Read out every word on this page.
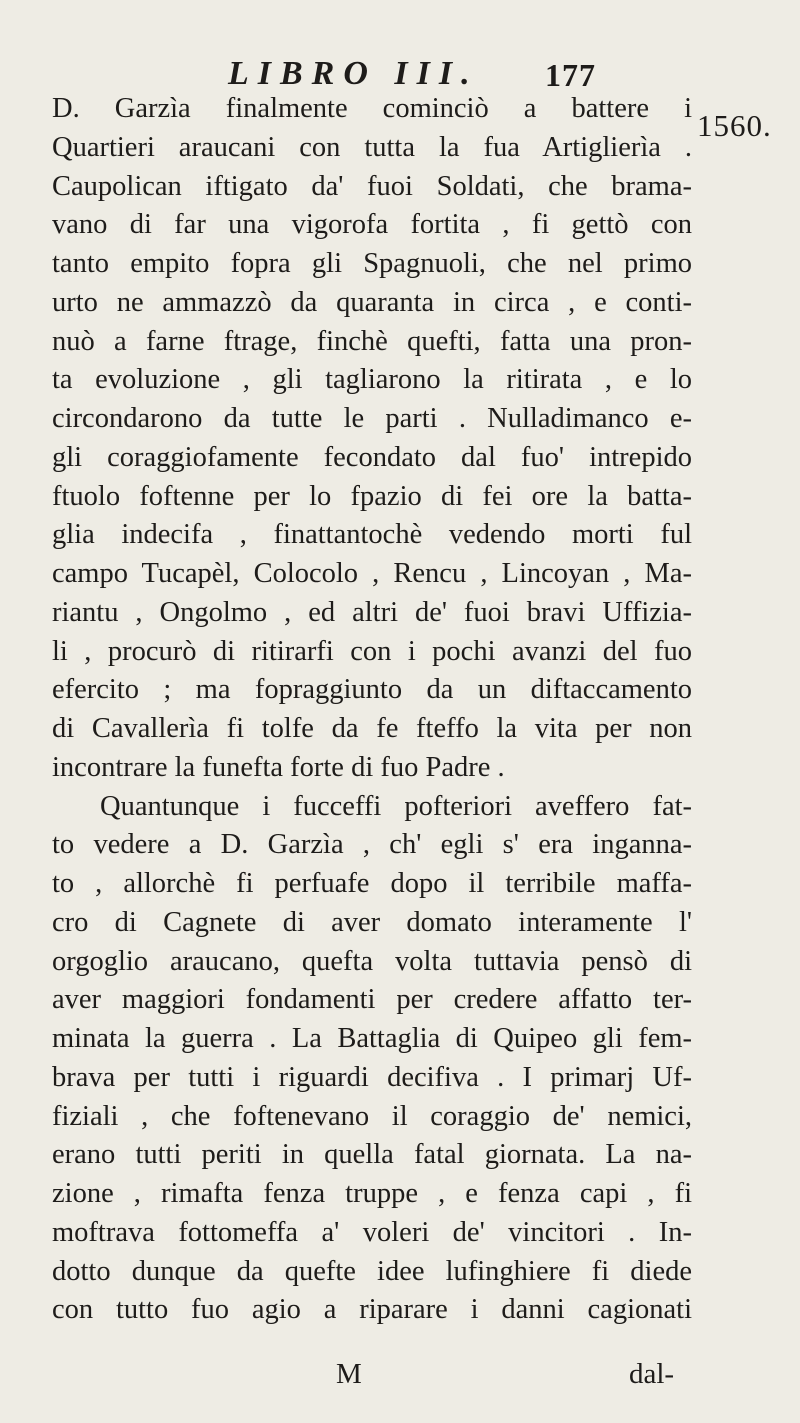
LIBRO III. 177
1560.
D. Garzìa finalmente cominciò a battere i
Quartieri araucani con tutta la fua Artiglierìa .
Caupolican iftigato da' fuoi Soldati, che brama-
vano di far una vigorofa fortita , fi gettò con
tanto empito fopra gli Spagnuoli, che nel primo
urto ne ammazzò da quaranta in circa , e conti-
nuò a farne ftrage, finchè quefti, fatta una pron-
ta evoluzione , gli tagliarono la ritirata , e lo
circondarono da tutte le parti . Nulladimanco e-
gli coraggiofamente fecondato dal fuo' intrepido
ftuolo foftenne per lo fpazio di fei ore la batta-
glia indecifa , finattantochè vedendo morti ful
campo Tucapèl, Colocolo , Rencu , Lincoyan , Ma-
riantu , Ongolmo , ed altri de' fuoi bravi Uffizia-
li , procurò di ritirarfi con i pochi avanzi del fuo
efercito ; ma fopraggiunto da un diftaccamento
di Cavallerìa fi tolfe da fe fteffo la vita per non
incontrare la funefta forte di fuo Padre .
Quantunque i fucceffi pofteriori aveffero fat-
to vedere a D. Garzìa , ch' egli s' era inganna-
to , allorchè fi perfuafe dopo il terribile maffa-
cro di Cagnete di aver domato interamente l'
orgoglio araucano, quefta volta tuttavia pensò di
aver maggiori fondamenti per credere affatto ter-
minata la guerra . La Battaglia di Quipeo gli fem-
brava per tutti i riguardi decifiva . I primarj Uf-
fiziali , che foftenevano il coraggio de' nemici,
erano tutti periti in quella fatal giornata. La na-
zione , rimafta fenza truppe , e fenza capi , fi
moftrava fottomeffa a' voleri de' vincitori . In-
dotto dunque da quefte idee lufinghiere fi diede
con tutto fuo agio a riparare i danni cagionati
M	dal-
